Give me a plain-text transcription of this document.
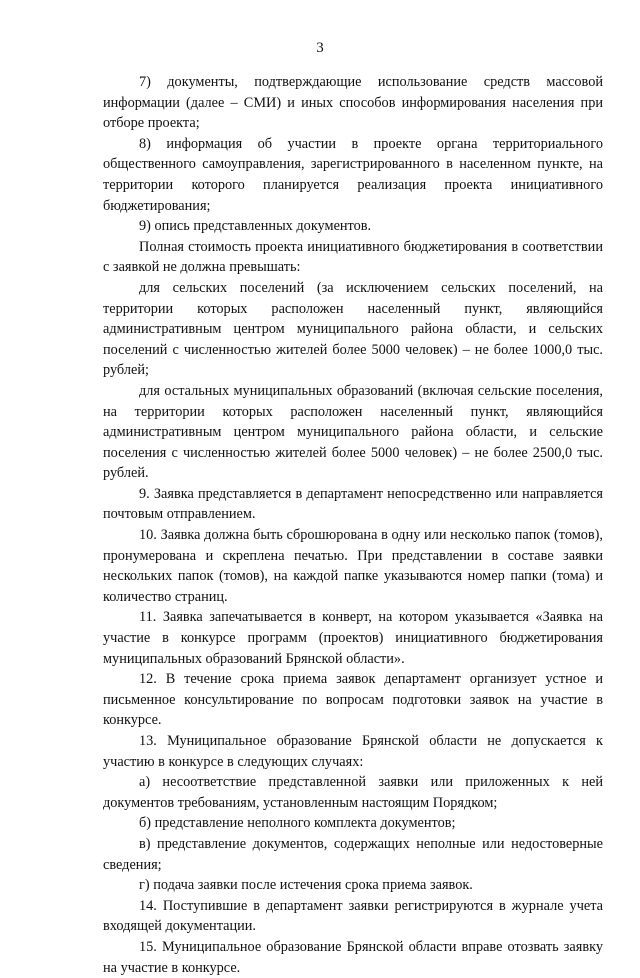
3

7) документы, подтверждающие использование средств массовой информации (далее – СМИ) и иных способов информирования населения при отборе проекта;

8) информация об участии в проекте органа территориального общественного самоуправления, зарегистрированного в населенном пункте, на территории которого планируется реализация проекта инициативного бюджетирования;

9) опись представленных документов.

Полная стоимость проекта инициативного бюджетирования в соответствии с заявкой не должна превышать:

для сельских поселений (за исключением сельских поселений, на территории которых расположен населенный пункт, являющийся административным центром муниципального района области, и сельских поселений с численностью жителей более 5000 человек) – не более 1000,0 тыс. рублей;

для остальных муниципальных образований (включая сельские поселения, на территории которых расположен населенный пункт, являющийся административным центром муниципального района области, и сельские поселения с численностью жителей более 5000 человек) – не более 2500,0 тыс. рублей.

9. Заявка представляется в департамент непосредственно или направляется почтовым отправлением.

10. Заявка должна быть сброшюрована в одну или несколько папок (томов), пронумерована и скреплена печатью. При представлении в составе заявки нескольких папок (томов), на каждой папке указываются номер папки (тома) и количество страниц.

11. Заявка запечатывается в конверт, на котором указывается «Заявка на участие в конкурсе программ (проектов) инициативного бюджетирования муниципальных образований Брянской области».

12. В течение срока приема заявок департамент организует устное и письменное консультирование по вопросам подготовки заявок на участие в конкурсе.

13. Муниципальное образование Брянской области не допускается к участию в конкурсе в следующих случаях:

а) несоответствие представленной заявки или приложенных к ней документов требованиям, установленным настоящим Порядком;

б) представление неполного комплекта документов;

в) представление документов, содержащих неполные или недостоверные сведения;

г) подача заявки после истечения срока приема заявок.

14. Поступившие в департамент заявки регистрируются в журнале учета входящей документации.

15. Муниципальное образование Брянской области вправе отозвать заявку на участие в конкурсе.
